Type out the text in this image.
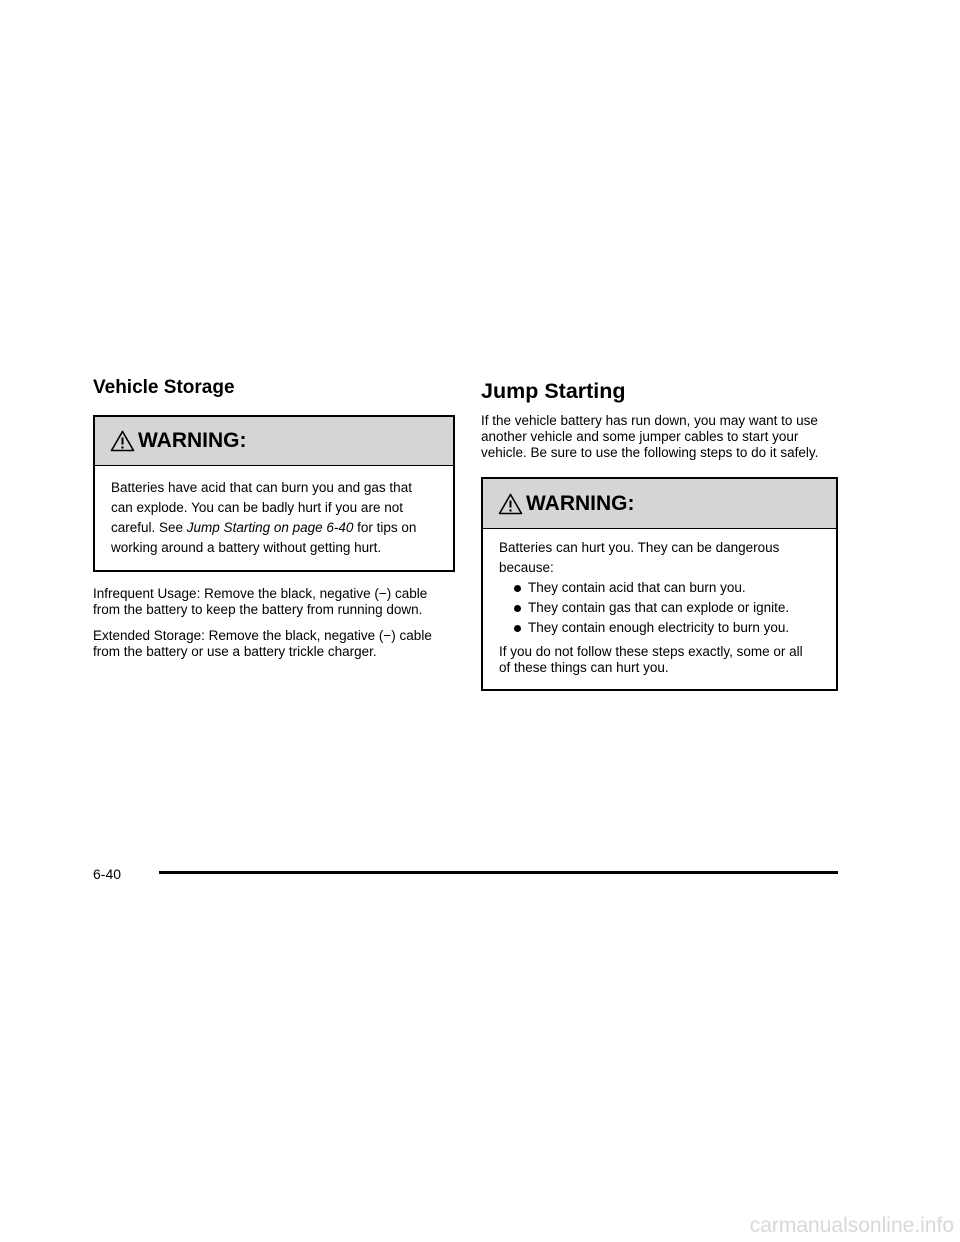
Vehicle Storage
WARNING:

Batteries have acid that can burn you and gas that can explode. You can be badly hurt if you are not careful. See Jump Starting on page 6-40 for tips on working around a battery without getting hurt.

Infrequent Usage: Remove the black, negative (−) cable from the battery to keep the battery from running down.

Extended Storage: Remove the black, negative (−) cable from the battery or use a battery trickle charger.

Jump Starting

If the vehicle battery has run down, you may want to use another vehicle and some jumper cables to start your vehicle. Be sure to use the following steps to do it safely.

WARNING:

Batteries can hurt you. They can be dangerous because:

They contain acid that can burn you.
They contain gas that can explode or ignite.
They contain enough electricity to burn you.

If you do not follow these steps exactly, some or all of these things can hurt you.

6-40
carmanualsonline.info
